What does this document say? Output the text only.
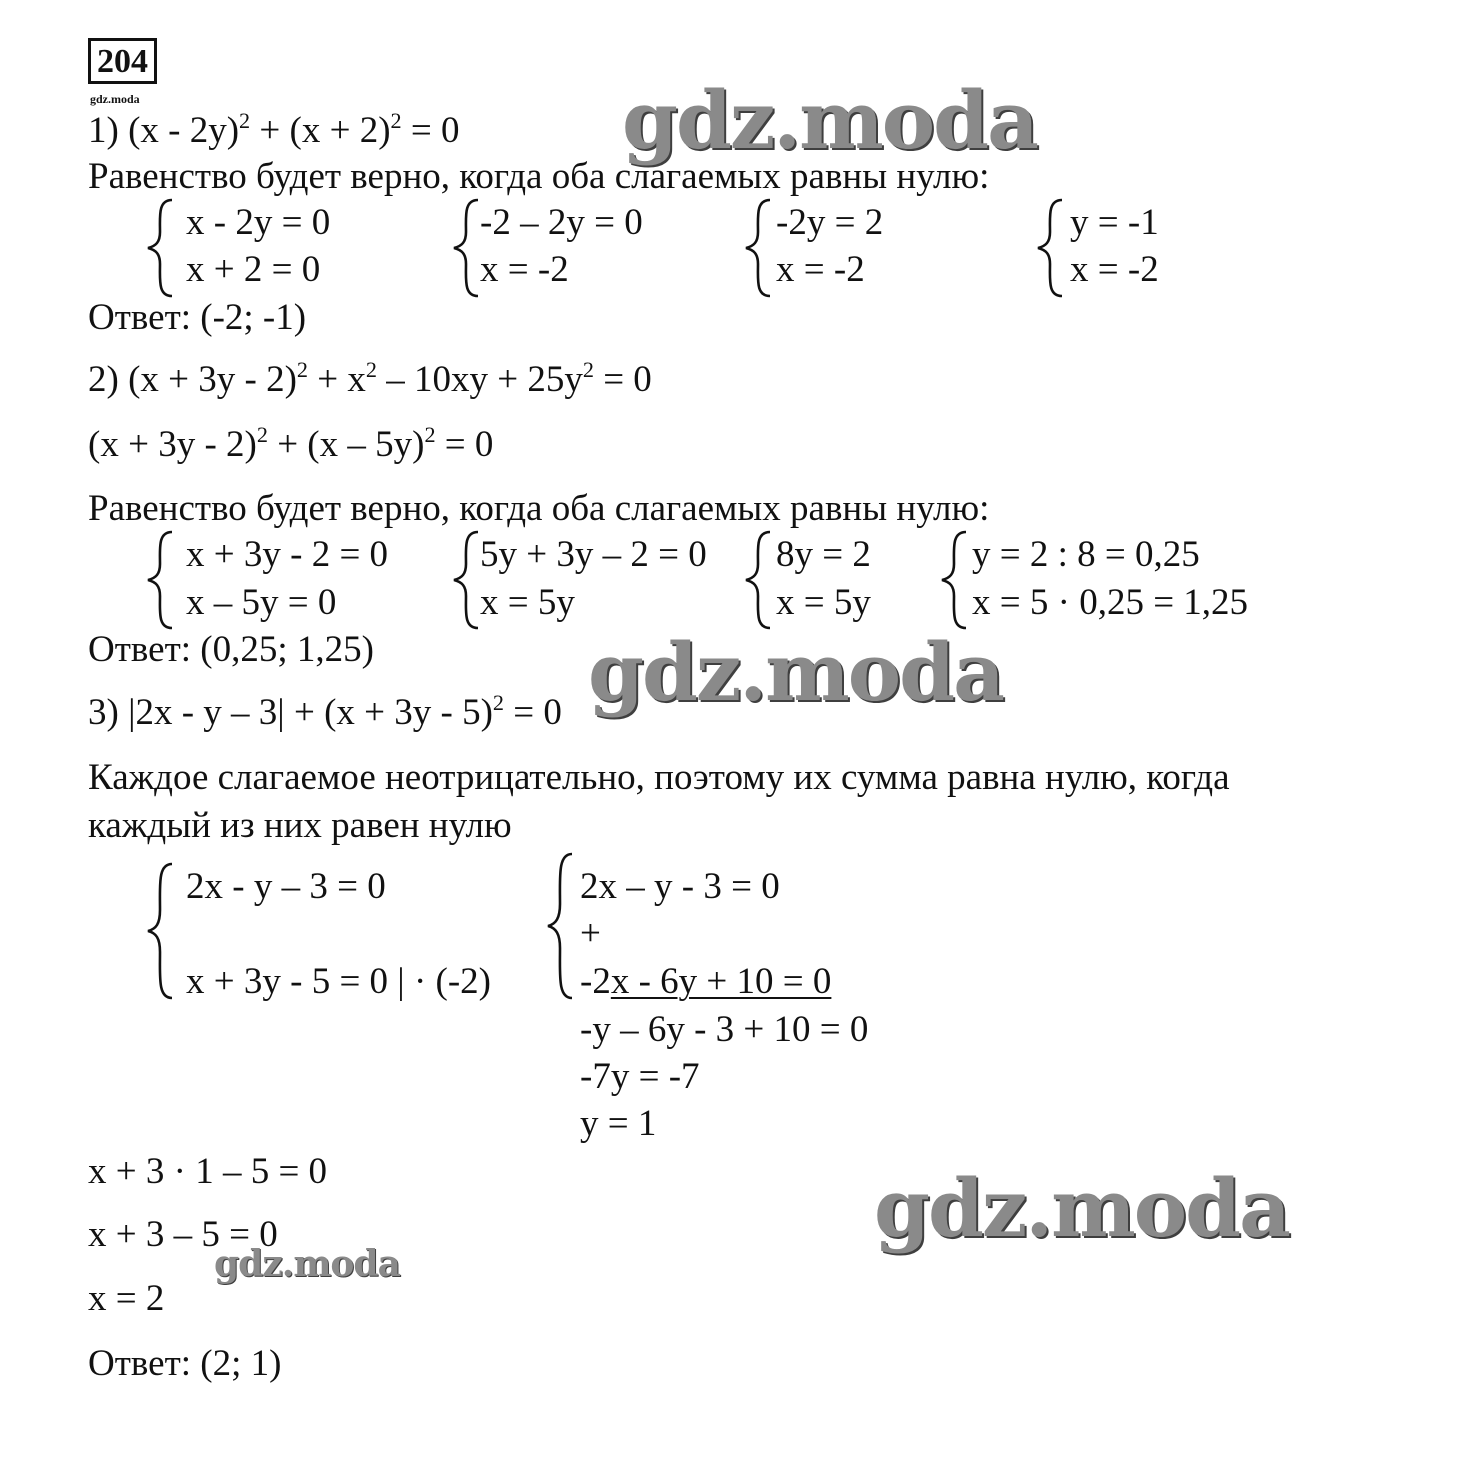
204
gdz.moda
1) $(x - 2y)^2 + (x + 2)^2 = 0$
Равенство будет верно, когда оба слагаемых равны нулю:
x - 2y = 0
x + 2 = 0
-2 – 2y = 0
x = -2
-2y = 2
x = -2
y = -1
x = -2
Ответ: (-2; -1)
2) $(x + 3y - 2)^2 + x^2 - 10xy + 25y^2 = 0$
$(x + 3y - 2)^2 + (x - 5y)^2 = 0$
Равенство будет верно, когда оба слагаемых равны нулю:
x + 3y - 2 = 0
x – 5y = 0
5y + 3y – 2 = 0
x = 5y
8y = 2
x = 5y
y = 2 : 8 = 0,25
x = 5 · 0,25 = 1,25
Ответ: (0,25; 1,25)
3) $|2x - y - 3| + (x + 3y - 5)^2 = 0$
Каждое слагаемое неотрицательно, поэтому их сумма равна нулю, когда
каждый из них равен нулю
2x - y – 3 = 0
x + 3y - 5 = 0 | · (-2)
2x – y - 3 = 0
+
-2x - 6y + 10 = 0
-y – 6y - 3 + 10 = 0
-7y = -7
y = 1
x + 3 · 1 – 5 = 0
x + 3 – 5 = 0
x = 2
Ответ: (2; 1)
gdz.moda
gdz.moda
gdz.moda
gdz.moda
